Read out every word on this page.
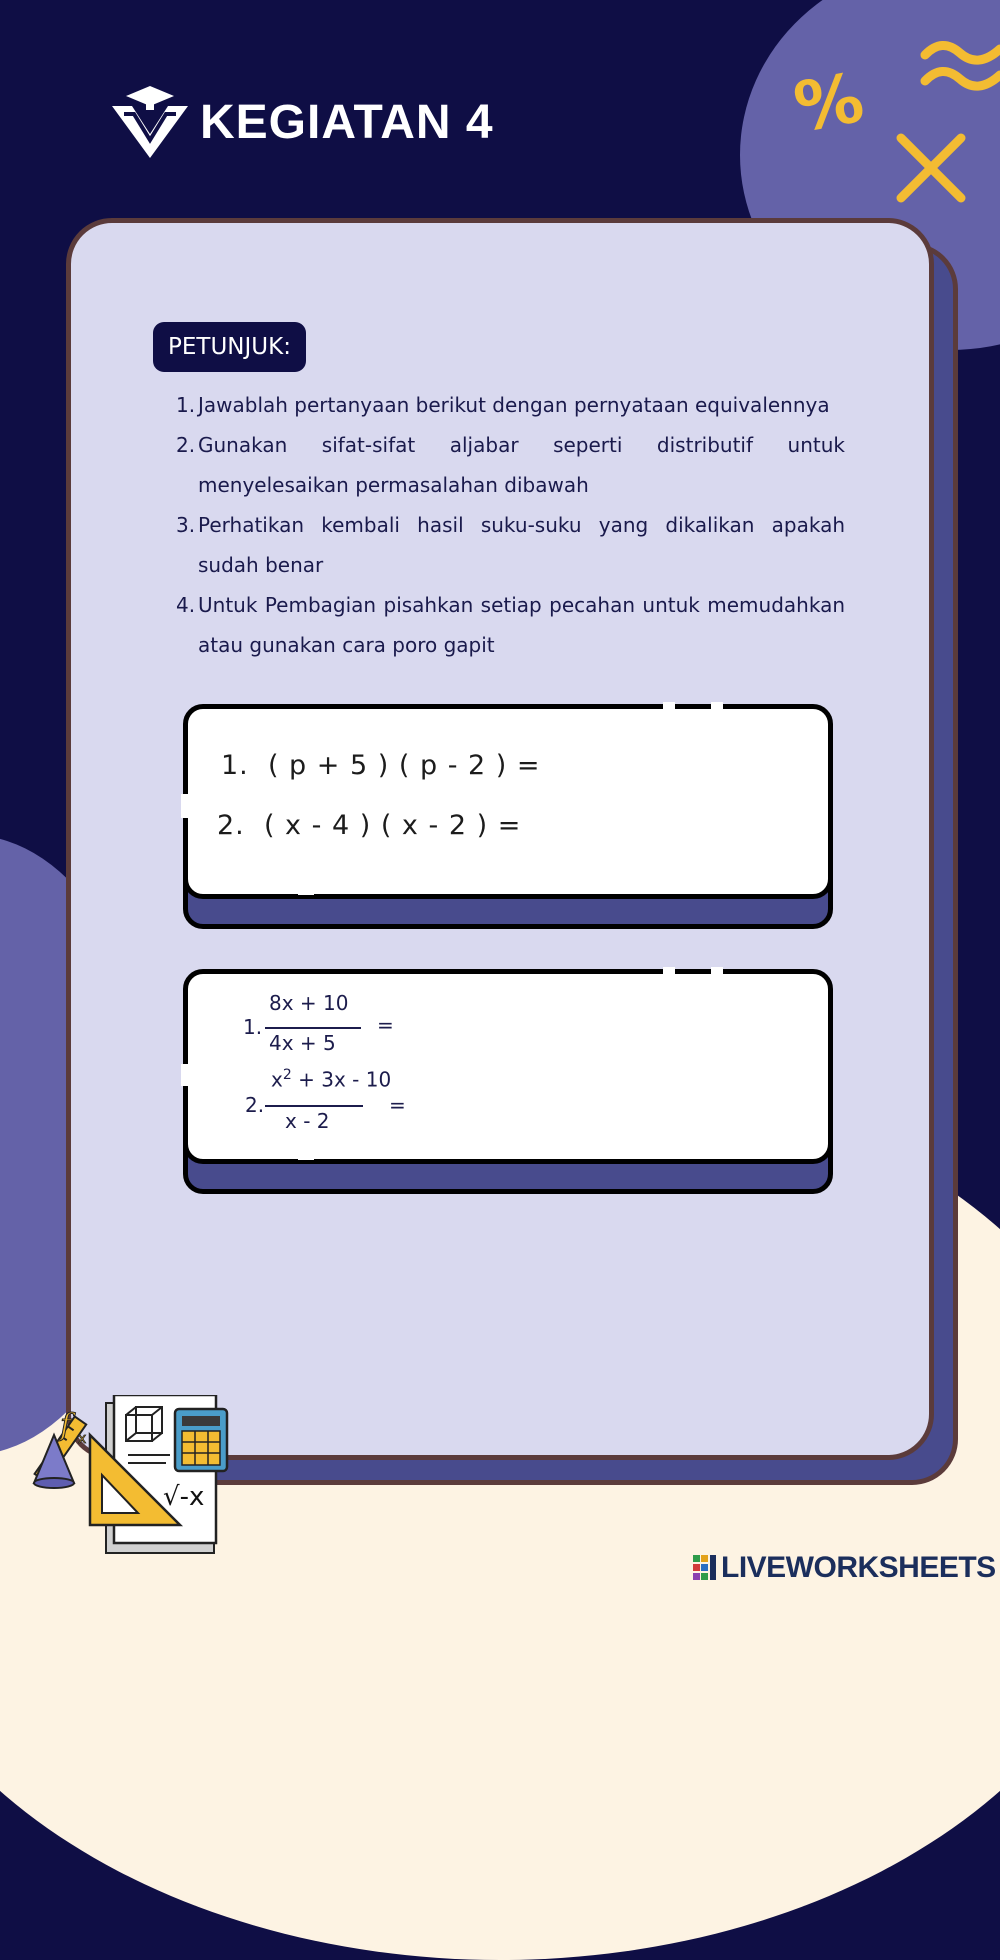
%
KEGIATAN 4
PETUNJUK:
1. Jawablah pertanyaan berikut dengan pernyataan equivalennya
2. Gunakan sifat-sifat aljabar seperti distributif untuk menyelesaikan permasalahan dibawah
3. Perhatikan kembali hasil suku-suku yang dikalikan apakah sudah benar
4. Untuk Pembagian pisahkan setiap pecahan untuk memudahkan atau gunakan cara poro gapit
1. ( p + 5 ) ( p - 2 ) =
2. ( x - 4 ) ( x - 2 ) =
1.
8x + 10
4x + 5
=
2.
$x^2 + 3x - 10$
x - 2
=
f x
√-x
LIVEWORKSHEETS
